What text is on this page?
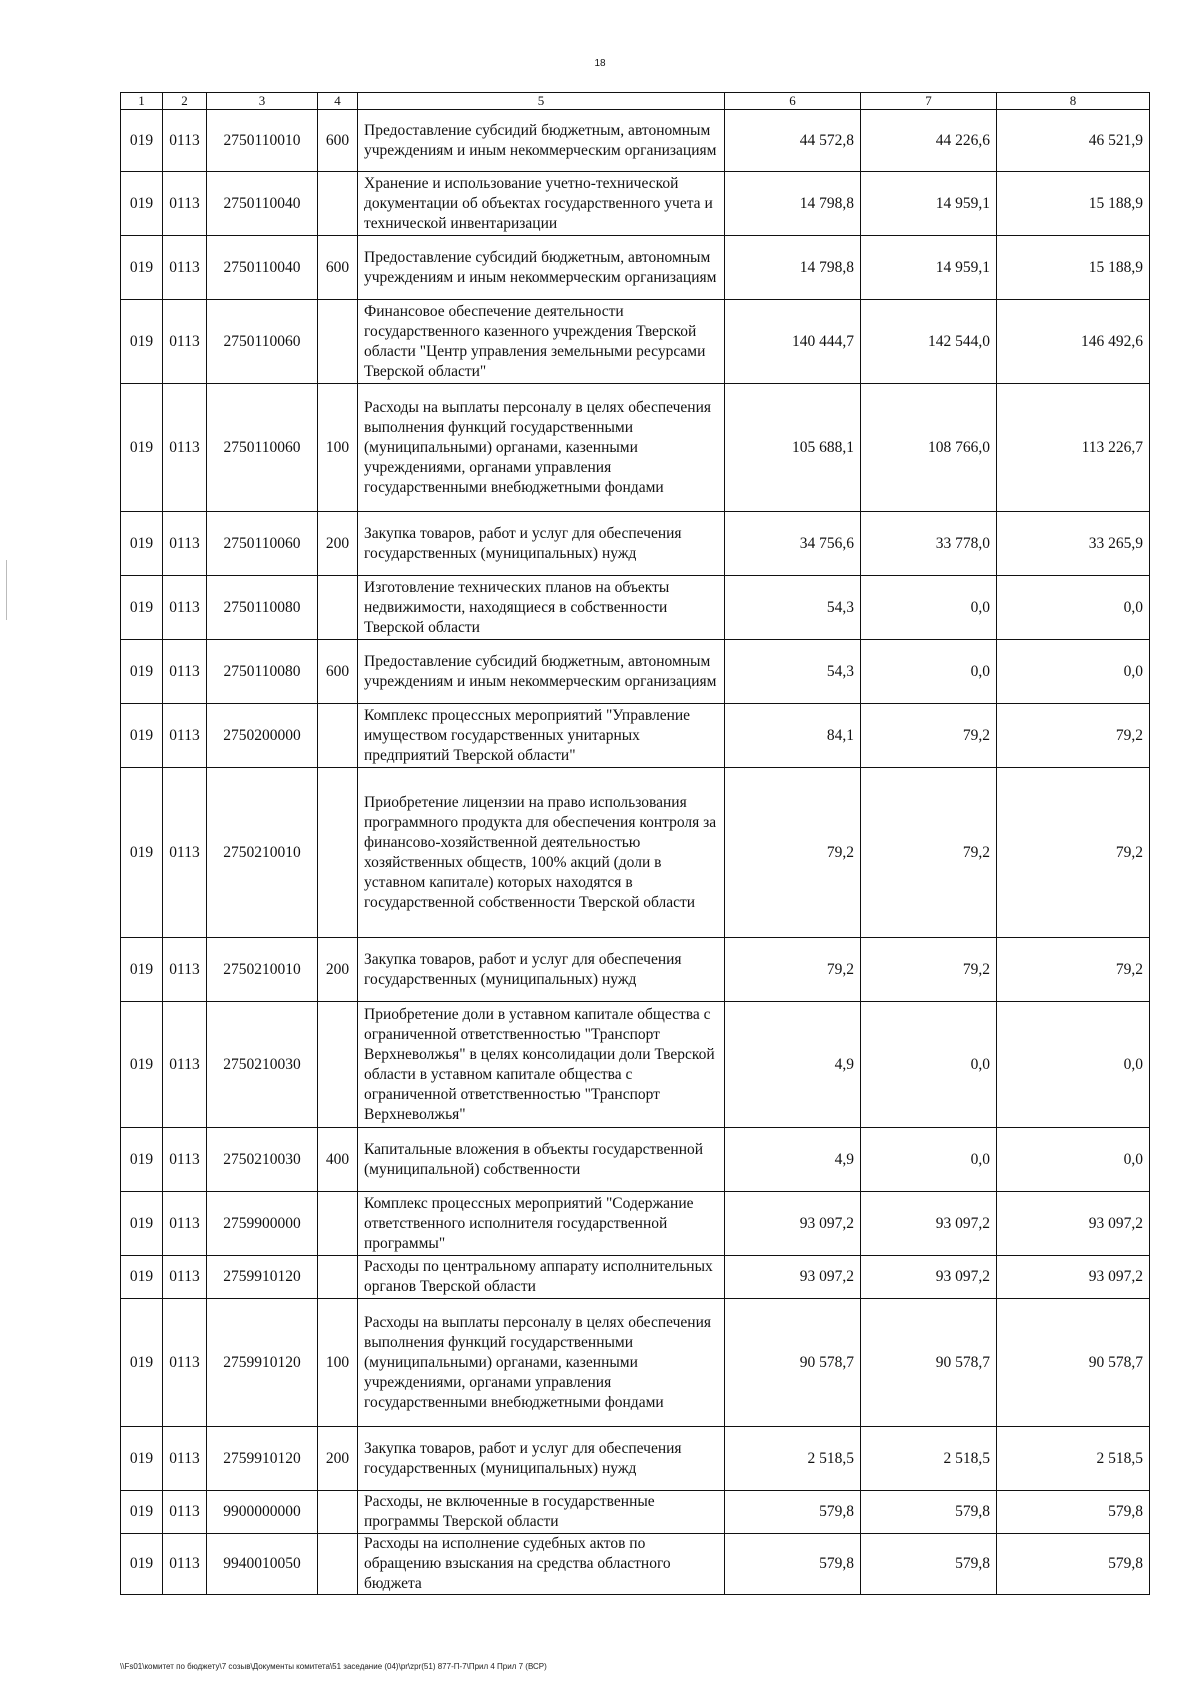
18
1	2	3	4	5	6	7	8
019	0113	2750110010	600	Предоставление субсидий бюджетным, автономным учреждениям и иным некоммерческим организациям	44 572,8	44 226,6	46 521,9
019	0113	2750110040		Хранение и использование учетно-технической документации об объектах государственного учета и технической инвентаризации	14 798,8	14 959,1	15 188,9
019	0113	2750110040	600	Предоставление субсидий бюджетным, автономным учреждениям и иным некоммерческим организациям	14 798,8	14 959,1	15 188,9
019	0113	2750110060		Финансовое обеспечение деятельности государственного казенного учреждения Тверской области "Центр управления земельными ресурсами Тверской области"	140 444,7	142 544,0	146 492,6
019	0113	2750110060	100	Расходы на выплаты персоналу в целях обеспечения выполнения функций государственными (муниципальными) органами, казенными учреждениями, органами управления государственными внебюджетными фондами	105 688,1	108 766,0	113 226,7
019	0113	2750110060	200	Закупка товаров, работ и услуг для обеспечения государственных (муниципальных) нужд	34 756,6	33 778,0	33 265,9
019	0113	2750110080		Изготовление технических планов на объекты недвижимости, находящиеся в собственности Тверской области	54,3	0,0	0,0
019	0113	2750110080	600	Предоставление субсидий бюджетным, автономным учреждениям и иным некоммерческим организациям	54,3	0,0	0,0
019	0113	2750200000		Комплекс процессных мероприятий "Управление имуществом государственных унитарных предприятий Тверской области"	84,1	79,2	79,2
019	0113	2750210010		Приобретение лицензии на право использования программного продукта для обеспечения контроля за финансово-хозяйственной деятельностью хозяйственных обществ, 100% акций (доли в уставном капитале) которых находятся в государственной собственности Тверской области	79,2	79,2	79,2
019	0113	2750210010	200	Закупка товаров, работ и услуг для обеспечения государственных (муниципальных) нужд	79,2	79,2	79,2
019	0113	2750210030		Приобретение доли в уставном капитале общества с ограниченной ответственностью "Транспорт Верхневолжья" в целях консолидации доли Тверской области в уставном капитале общества с ограниченной ответственностью "Транспорт Верхневолжья"	4,9	0,0	0,0
019	0113	2750210030	400	Капитальные вложения в объекты государственной (муниципальной) собственности	4,9	0,0	0,0
019	0113	2759900000		Комплекс процессных мероприятий "Содержание ответственного исполнителя государственной программы"	93 097,2	93 097,2	93 097,2
019	0113	2759910120		Расходы по центральному аппарату исполнительных органов Тверской области	93 097,2	93 097,2	93 097,2
019	0113	2759910120	100	Расходы на выплаты персоналу в целях обеспечения выполнения функций государственными (муниципальными) органами, казенными учреждениями, органами управления государственными внебюджетными фондами	90 578,7	90 578,7	90 578,7
019	0113	2759910120	200	Закупка товаров, работ и услуг для обеспечения государственных (муниципальных) нужд	2 518,5	2 518,5	2 518,5
019	0113	9900000000		Расходы, не включенные в государственные программы Тверской области	579,8	579,8	579,8
019	0113	9940010050		Расходы на исполнение судебных актов по обращению взыскания на средства областного бюджета	579,8	579,8	579,8
\\Fs01\комитет по бюджету\7 созыв\Документы комитета\51 заседание (04)\pr\zpr(51) 877-П-7\Прил 4 Прил 7 (ВСР)
